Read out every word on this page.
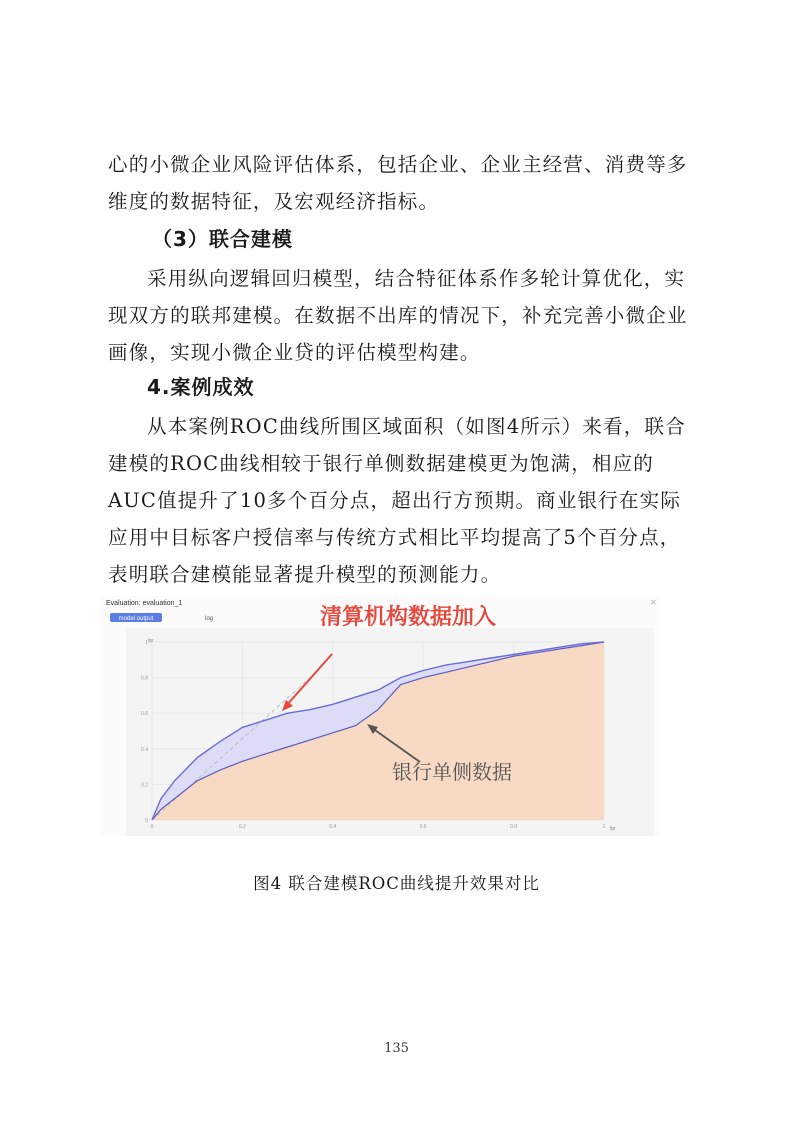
心的小微企业风险评估体系，包括企业、企业主经营、消费等多维度的数据特征，及宏观经济指标。
（3）联合建模
采用纵向逻辑回归模型，结合特征体系作多轮计算优化，实现双方的联邦建模。在数据不出库的情况下，补充完善小微企业画像，实现小微企业贷的评估模型构建。
4.案例成效
从本案例ROC曲线所围区域面积（如图4所示）来看，联合建模的ROC曲线相较于银行单侧数据建模更为饱满，相应的AUC值提升了10多个百分点，超出行方预期。商业银行在实际应用中目标客户授信率与传统方式相比平均提高了5个百分点，表明联合建模能显著提升模型的预测能力。
Evaluation: evaluation_1	✕
model output	log
0
0
0.2
0.2
0.4
0.4
0.6
0.6
0.8
0.8
1
1 tpr
fpr
清算机构数据加入
银行单侧数据
图4 联合建模ROC曲线提升效果对比
135
